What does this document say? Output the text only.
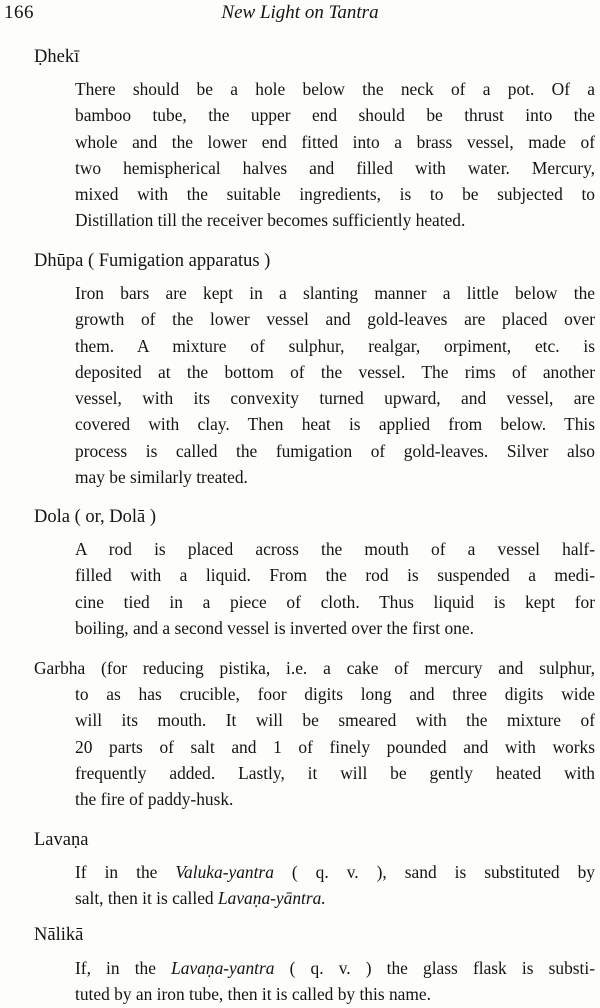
166	New Light on Tantra
Ḍhekī
There should be a hole below the neck of a pot. Of a
bamboo tube, the upper end should be thrust into the
whole and the lower end fitted into a brass vessel, made of
two hemispherical halves and filled with water. Mercury,
mixed with the suitable ingredients, is to be subjected to
Distillation till the receiver becomes sufficiently heated.
Dhūpa ( Fumigation apparatus )
Iron bars are kept in a slanting manner a little below the
growth of the lower vessel and gold-leaves are placed over
them. A mixture of sulphur, realgar, orpiment, etc. is
deposited at the bottom of the vessel. The rims of another
vessel, with its convexity turned upward, and vessel, are
covered with clay. Then heat is applied from below. This
process is called the fumigation of gold-leaves. Silver also
may be similarly treated.
Dola ( or, Dolā )
A rod is placed across the mouth of a vessel half-
filled with a liquid. From the rod is suspended a medi-
cine tied in a piece of cloth. Thus liquid is kept for
boiling, and a second vessel is inverted over the first one.
Garbha (for reducing pistika, i.e. a cake of mercury and sulphur,
to as has crucible, foor digits long and three digits wide
will its mouth. It will be smeared with the mixture of
20 parts of salt and 1 of finely pounded and with works
frequently added. Lastly, it will be gently heated with
the fire of paddy-husk.
Lavaṇa
If in the Valuka-yantra ( q. v. ), sand is substituted by
salt, then it is called Lavaṇa-yāntra.
Nālikā
If, in the Lavaṇa-yantra ( q. v. ) the glass flask is substi-
tuted by an iron tube, then it is called by this name.
